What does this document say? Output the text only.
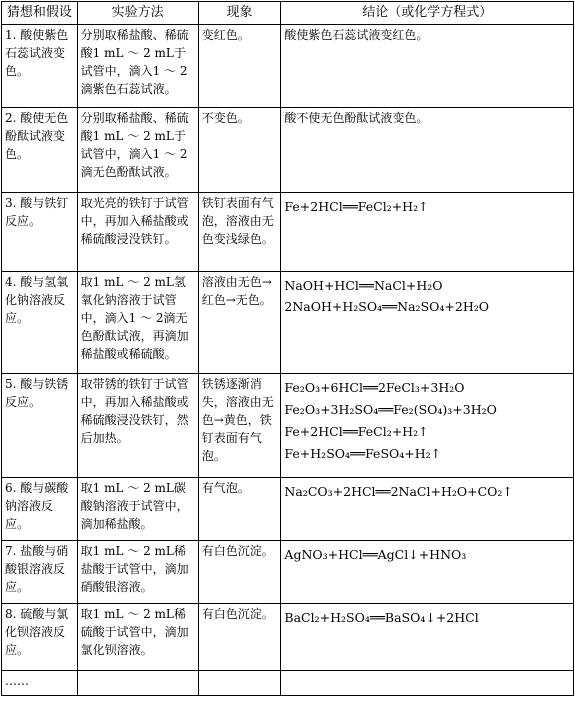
猜想和假设	实验方法	现象	结论（或化学方程式）
1. 酸使紫色石蕊试液变色。	分别取稀盐酸、稀硫酸1 mL ～ 2 mL于试管中，滴入1 ～ 2滴紫色石蕊试液。	变红色。	酸使紫色石蕊试液变红色。

2. 酸使无色酚酞试液变色。	分别取稀盐酸、稀硫酸1 mL ～ 2 mL于试管中，滴入1 ～ 2滴无色酚酞试液。	不变色。	酸不使无色酚酞试液变色。

3. 酸与铁钉反应。	取光亮的铁钉于试管中，再加入稀盐酸或稀硫酸浸没铁钉。	铁钉表面有气泡，溶液由无色变浅绿色。	Fe+2HCl══FeCl₂+H₂↑

4. 酸与氢氧化钠溶液反应。	取1 mL ～ 2 mL氢氧化钠溶液于试管中，滴入1 ～ 2滴无色酚酞试液，再滴加稀盐酸或稀硫酸。	溶液由无色→红色→无色。	NaOH+HCl══NaCl+H₂O
2NaOH+H₂SO₄══Na₂SO₄+2H₂O

5. 酸与铁锈反应。	取带锈的铁钉于试管中，再加入稀盐酸或稀硫酸浸没铁钉，然后加热。	铁锈逐渐消失，溶液由无色→黄色，铁钉表面有气泡。	Fe₂O₃+6HCl══2FeCl₃+3H₂O
Fe₂O₃+3H₂SO₄══Fe₂(SO₄)₃+3H₂O
Fe+2HCl══FeCl₂+H₂↑
Fe+H₂SO₄══FeSO₄+H₂↑

6. 酸与碳酸钠溶液反应。	取1 mL ～ 2 mL碳酸钠溶液于试管中，滴加稀盐酸。	有气泡。	Na₂CO₃+2HCl══2NaCl+H₂O+CO₂↑

7. 盐酸与硝酸银溶液反应。	取1 mL ～ 2 mL稀盐酸于试管中，滴加硝酸银溶液。	有白色沉淀。	AgNO₃+HCl══AgCl↓+HNO₃

8. 硫酸与氯化钡溶液反应。	取1 mL ～ 2 mL稀硫酸于试管中，滴加氯化钡溶液。	有白色沉淀。	BaCl₂+H₂SO₄══BaSO₄↓+2HCl

……			
